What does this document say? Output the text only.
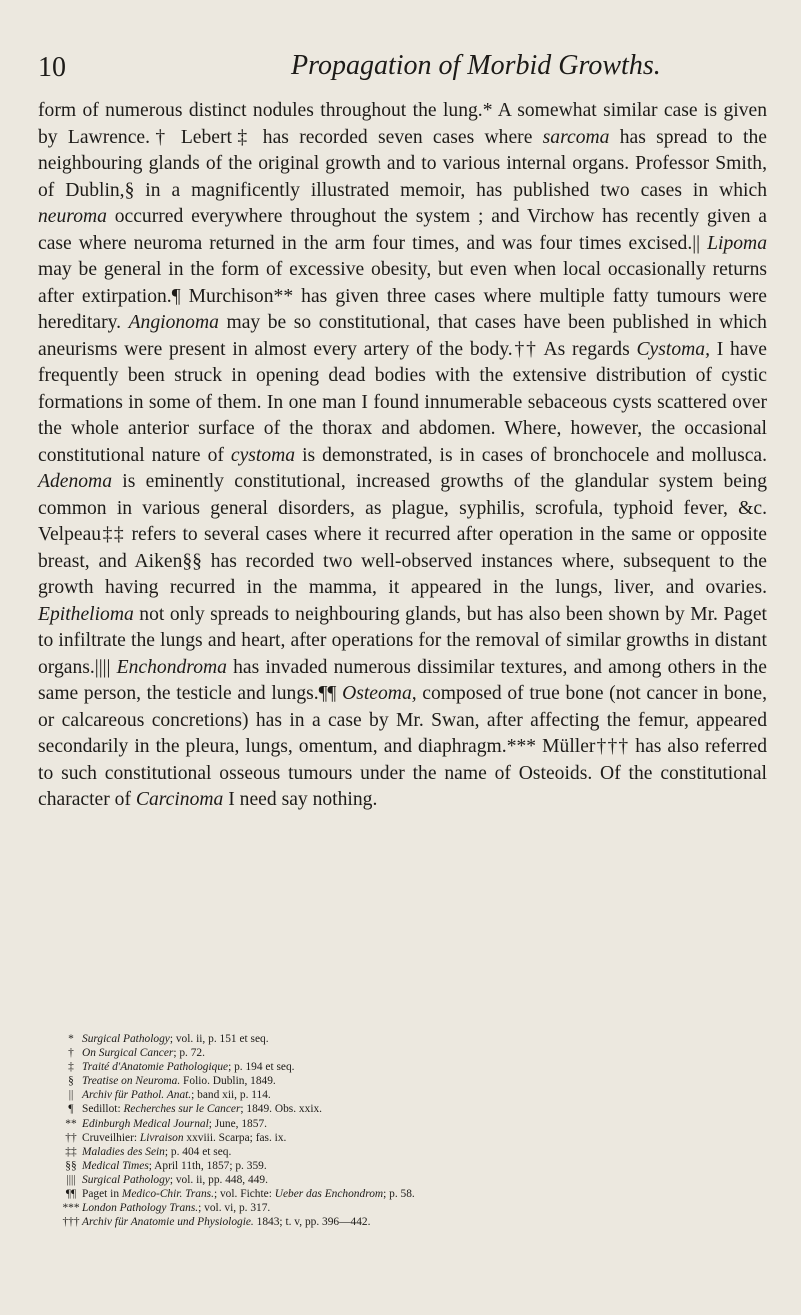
10	Propagation of Morbid Growths.

form of numerous distinct nodules throughout the lung.* A somewhat similar case is given by Lawrence.† Lebert‡ has recorded seven cases where sarcoma has spread to the neighbouring glands of the original growth and to various internal organs. Professor Smith, of Dublin,§ in a magnificently illustrated memoir, has published two cases in which neuroma occurred everywhere throughout the system ; and Virchow has recently given a case where neuroma returned in the arm four times, and was four times excised.|| Lipoma may be general in the form of excessive obesity, but even when local occasionally returns after extirpation.¶ Murchison** has given three cases where multiple fatty tumours were hereditary. Angionoma may be so constitutional, that cases have been published in which aneurisms were present in almost every artery of the body.†† As regards Cystoma, I have frequently been struck in opening dead bodies with the extensive distribution of cystic formations in some of them. In one man I found innumerable sebaceous cysts scattered over the whole anterior surface of the thorax and abdomen. Where, however, the occasional constitutional nature of cystoma is demonstrated, is in cases of bronchocele and mollusca. Adenoma is eminently constitutional, increased growths of the glandular system being common in various general disorders, as plague, syphilis, scrofula, typhoid fever, &c. Velpeau‡‡ refers to several cases where it recurred after operation in the same or opposite breast, and Aiken§§ has recorded two well-observed instances where, subsequent to the growth having recurred in the mamma, it appeared in the lungs, liver, and ovaries. Epithelioma not only spreads to neighbouring glands, but has also been shown by Mr. Paget to infiltrate the lungs and heart, after operations for the removal of similar growths in distant organs.|||| Enchondroma has invaded numerous dissimilar textures, and among others in the same person, the testicle and lungs.¶¶ Osteoma, composed of true bone (not cancer in bone, or calcareous concretions) has in a case by Mr. Swan, after affecting the femur, appeared secondarily in the pleura, lungs, omentum, and diaphragm.*** Müller††† has also referred to such constitutional osseous tumours under the name of Osteoids. Of the constitutional character of Carcinoma I need say nothing.

* Surgical Pathology; vol. ii, p. 151 et seq.
† On Surgical Cancer; p. 72.
‡ Traité d'Anatomie Pathologique; p. 194 et seq.
§ Treatise on Neuroma. Folio. Dublin, 1849.
|| Archiv für Pathol. Anat.; band xii, p. 114.
¶ Sedillot: Recherches sur le Cancer; 1849. Obs. xxix.
** Edinburgh Medical Journal; June, 1857.
†† Cruveilhier: Livraison xxviii. Scarpa; fas. ix.
‡‡ Maladies des Sein; p. 404 et seq.
§§ Medical Times; April 11th, 1857; p. 359.
|||| Surgical Pathology; vol. ii, pp. 448, 449.
¶¶ Paget in Medico-Chir. Trans.; vol. Fichte: Ueber das Enchondrom; p. 58.
*** London Pathology Trans.; vol. vi, p. 317.
††† Archiv für Anatomie und Physiologie. 1843; t. v, pp. 396—442.
